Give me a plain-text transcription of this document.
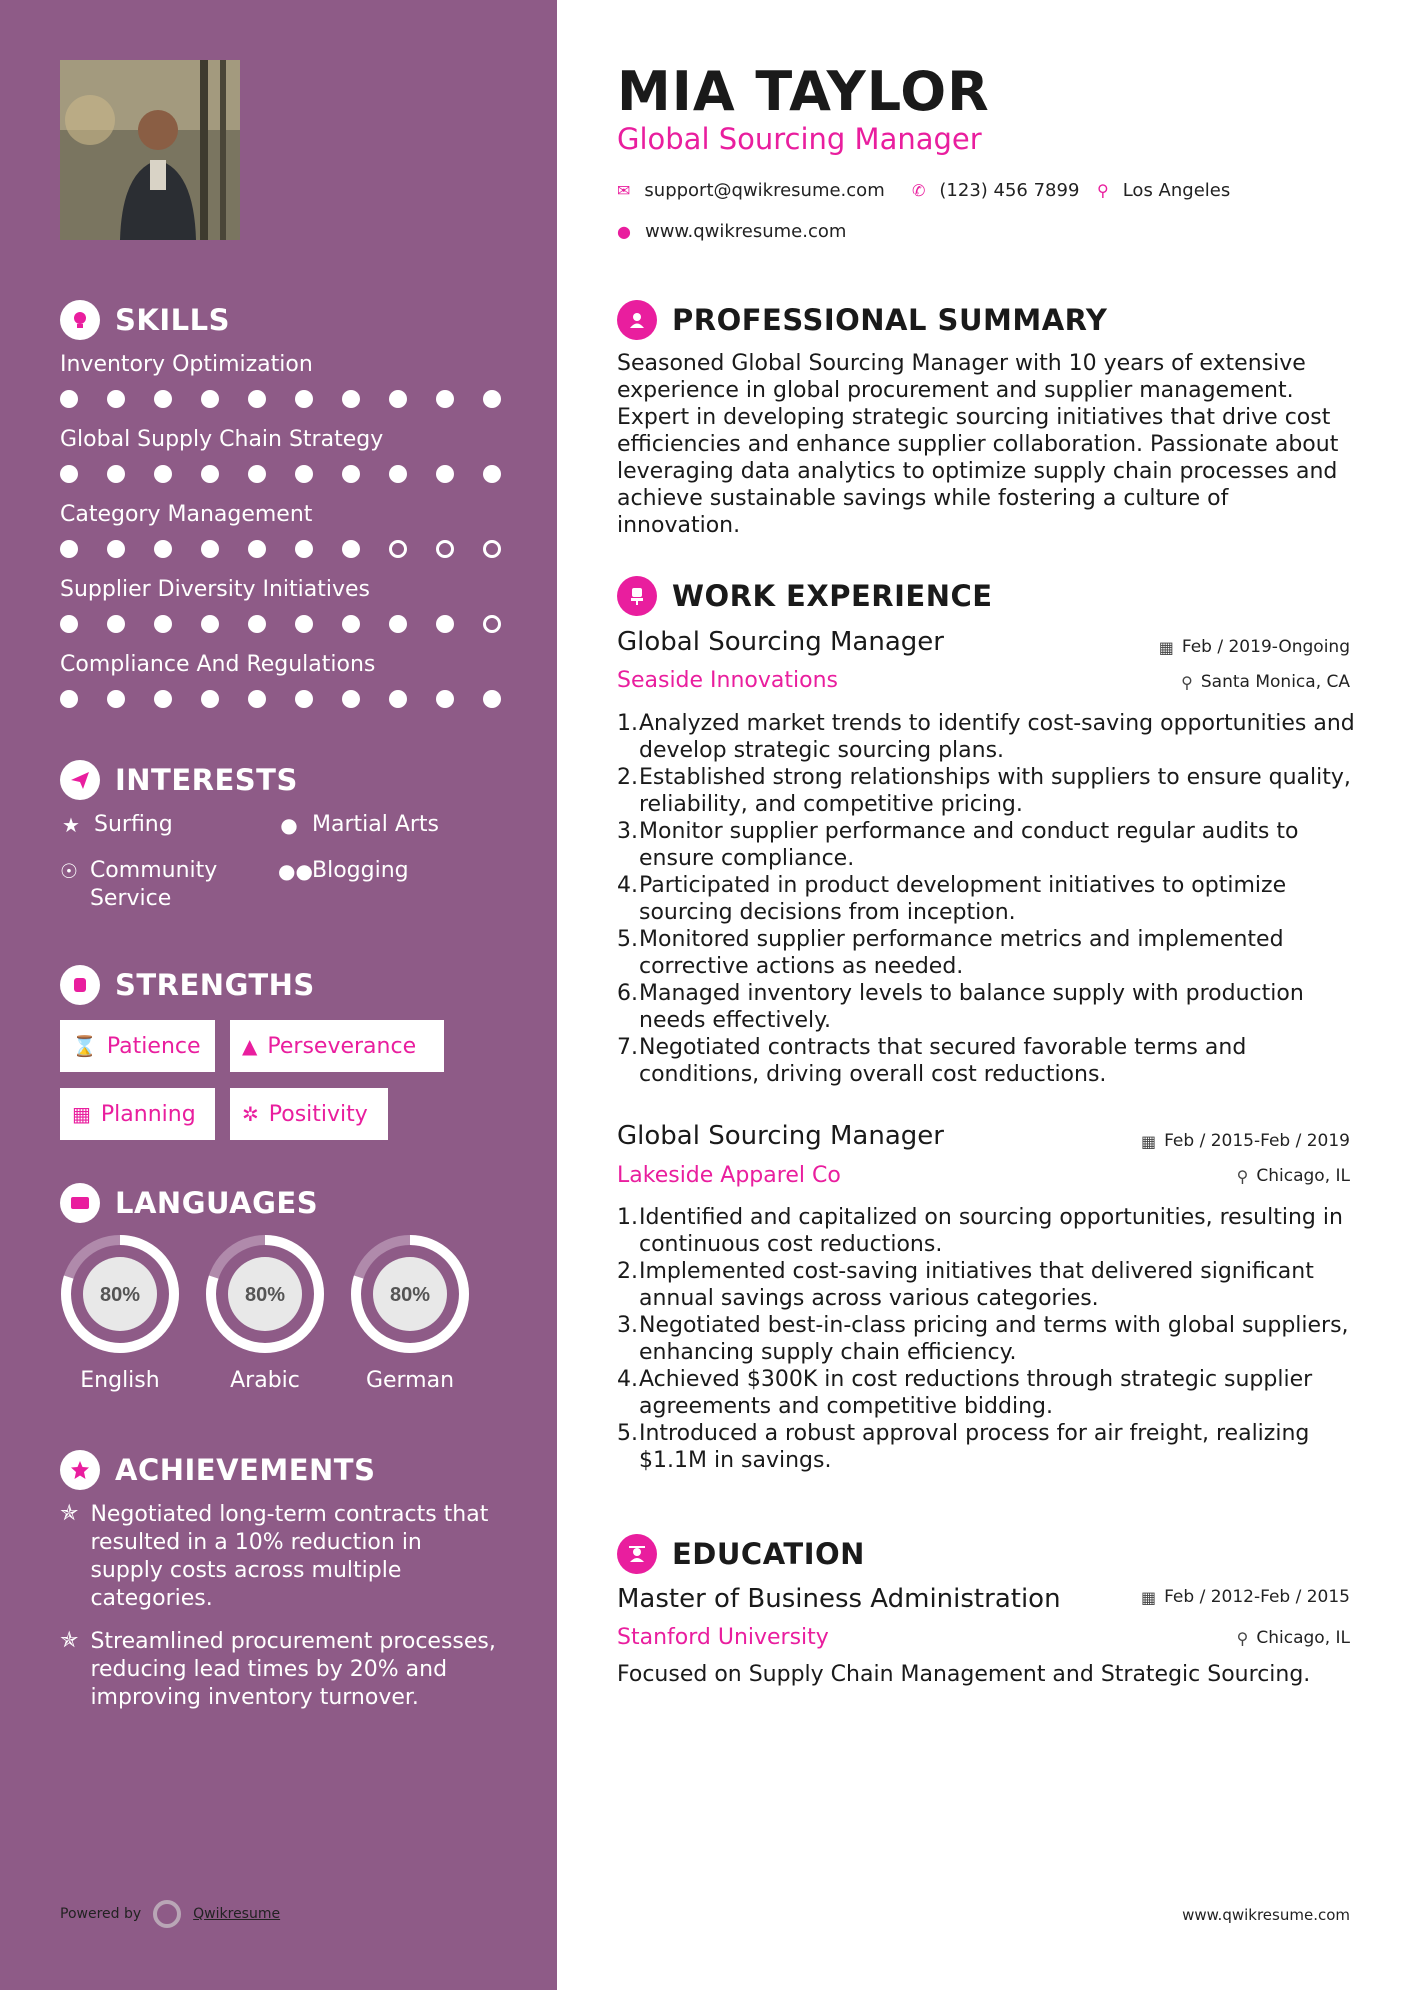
SKILLS
Inventory Optimization
Global Supply Chain Strategy
Category Management
Supplier Diversity Initiatives
Compliance And Regulations
INTERESTS
★ Surfing	● Martial Arts
☉ Community Service
●● Blogging
STRENGTHS
⌛ Patience ▲ Perseverance
▦ Planning ✲ Positivity
LANGUAGES
80%
English
80%
Arabic
80%
German
ACHIEVEMENTS
✯ Negotiated long-term contracts that resulted in a 10% reduction in supply costs across multiple categories.
✯ Streamlined procurement processes, reducing lead times by 20% and improving inventory turnover.
Powered by	Qwikresume
MIA TAYLOR
Global Sourcing Manager
✉ support@qwikresume.com ✆ (123) 456 7899 ⚲ Los Angeles
● www.qwikresume.com
PROFESSIONAL SUMMARY
Seasoned Global Sourcing Manager with 10 years of extensive experience in global procurement and supplier management. Expert in developing strategic sourcing initiatives that drive cost efficiencies and enhance supplier collaboration. Passionate about leveraging data analytics to optimize supply chain processes and achieve sustainable savings while fostering a culture of innovation.
WORK EXPERIENCE
Global Sourcing Manager	▦ Feb / 2019-Ongoing
Seaside Innovations	⚲ Santa Monica, CA
1. Analyzed market trends to identify cost-saving opportunities and develop strategic sourcing plans.
2. Established strong relationships with suppliers to ensure quality, reliability, and competitive pricing.
3. Monitor supplier performance and conduct regular audits to ensure compliance.
4. Participated in product development initiatives to optimize sourcing decisions from inception.
5. Monitored supplier performance metrics and implemented corrective actions as needed.
6. Managed inventory levels to balance supply with production needs effectively.
7. Negotiated contracts that secured favorable terms and conditions, driving overall cost reductions.
Global Sourcing Manager	▦ Feb / 2015-Feb / 2019
Lakeside Apparel Co	⚲ Chicago, IL
1. Identified and capitalized on sourcing opportunities, resulting in continuous cost reductions.
2. Implemented cost-saving initiatives that delivered significant annual savings across various categories.
3. Negotiated best-in-class pricing and terms with global suppliers, enhancing supply chain efficiency.
4. Achieved $300K in cost reductions through strategic supplier agreements and competitive bidding.
5. Introduced a robust approval process for air freight, realizing $1.1M in savings.
EDUCATION
Master of Business Administration	▦ Feb / 2012-Feb / 2015
Stanford University	⚲ Chicago, IL
Focused on Supply Chain Management and Strategic Sourcing.
www.qwikresume.com
